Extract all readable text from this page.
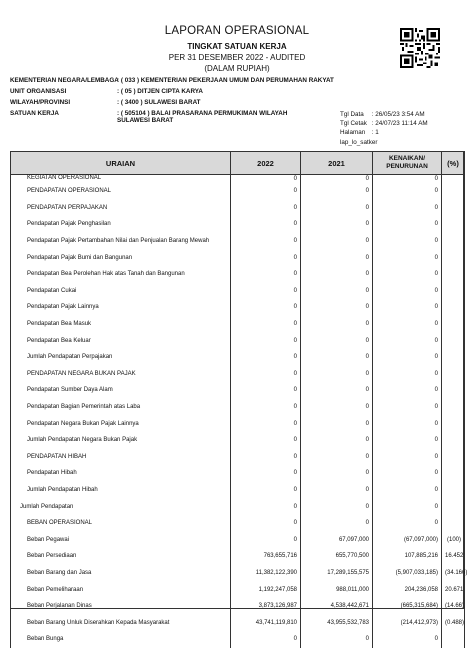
LAPORAN OPERASIONAL
TINGKAT SATUAN KERJA
PER 31 DESEMBER 2022 - AUDITED
(DALAM RUPIAH)
KEMENTERIAN NEGARA/LEMBAGA
: ( 033 ) KEMENTERIAN PEKERJAAN UMUM DAN PERUMAHAN RAKYAT
UNIT ORGANISASI	: ( 05 ) DITJEN CIPTA KARYA
WILAYAH/PROVINSI	: ( 3400 ) SULAWESI BARAT
SATUAN KERJA	: ( 505104 ) BALAI PRASARANA PERMUKIMAN WILAYAH SULAWESI BARAT
Tgl Data : 26/05/23 3:54 AM
Tgl Cetak : 24/07/23 11:14 AM
Halaman : 1
lap_lo_satker
URAIAN	2022	2021	KENAIKAN/ PENURUNAN	(%)
KEGIATAN OPERASIONAL	0	0	0	
PENDAPATAN OPERASIONAL	0	0	0	
PENDAPATAN PERPAJAKAN	0	0	0	
Pendapatan Pajak Penghasilan	0	0	0	
Pendapatan Pajak Pertambahan Nilai dan Penjualan Barang Mewah	0	0	0	
Pendapatan Pajak Bumi dan Bangunan	0	0	0	
Pendapatan Bea Perolehan Hak atas Tanah dan Bangunan	0	0	0	
Pendapatan Cukai	0	0	0	
Pendapatan Pajak Lainnya	0	0	0	
Pendapatan Bea Masuk	0	0	0	
Pendapatan Bea Keluar	0	0	0	
Jumlah Pendapatan Perpajakan	0	0	0	
PENDAPATAN NEGARA BUKAN PAJAK	0	0	0	
Pendapatan Sumber Daya Alam	0	0	0	
Pendapatan Bagian Pemerintah atas Laba	0	0	0	
Pendapatan Negara Bukan Pajak Lainnya	0	0	0	
Jumlah Pendapatan Negara Bukan Pajak	0	0	0	
PENDAPATAN HIBAH	0	0	0	
Pendapatan Hibah	0	0	0	
Jumlah Pendapatan Hibah	0	0	0	
Jumlah Pendapatan	0	0	0	
BEBAN OPERASIONAL	0	0	0	
Beban Pegawai	0	67,097,000	(67,097,000)	(100)
Beban Persediaan	763,655,716	655,770,500	107,885,216	16.452
Beban Barang dan Jasa	11,382,122,390	17,289,155,575	(5,907,033,185)	(34.166)
Beban Pemeliharaan	1,192,247,058	988,011,000	204,236,058	20.671
Beban Perjalanan Dinas	3,873,126,987	4,538,442,671	(665,315,684)	(14.66)
Beban Barang Unluk Diserahkan Kepada Masyarakat	43,741,119,810	43,955,532,783	(214,412,973)	(0.488)
Beban Bunga	0	0	0	
